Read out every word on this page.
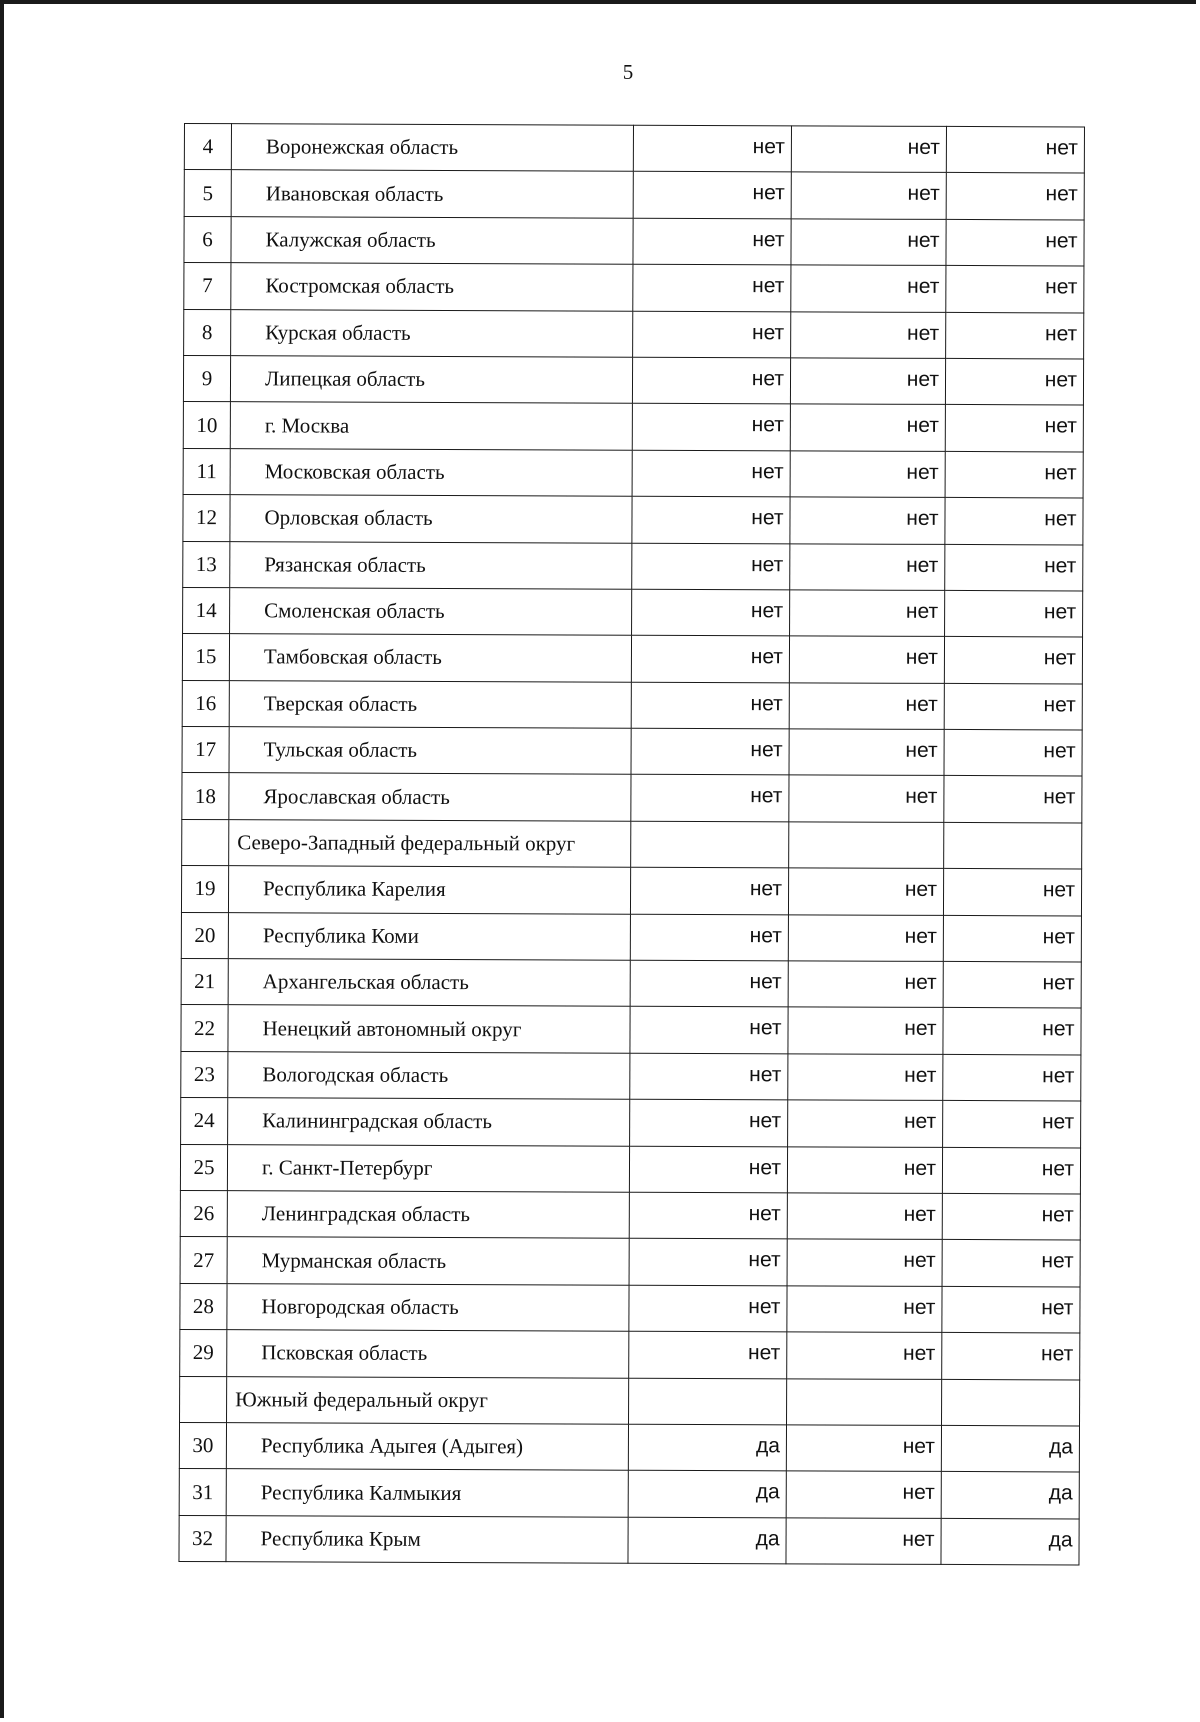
5
4	Воронежская область	нет	нет	нет
5	Ивановская область	нет	нет	нет
6	Калужская область	нет	нет	нет
7	Костромская область	нет	нет	нет
8	Курская область	нет	нет	нет
9	Липецкая область	нет	нет	нет
10	г. Москва	нет	нет	нет
11	Московская область	нет	нет	нет
12	Орловская область	нет	нет	нет
13	Рязанская область	нет	нет	нет
14	Смоленская область	нет	нет	нет
15	Тамбовская область	нет	нет	нет
16	Тверская область	нет	нет	нет
17	Тульская область	нет	нет	нет
18	Ярославская область	нет	нет	нет
	Северо-Западный федеральный округ			
19	Республика Карелия	нет	нет	нет
20	Республика Коми	нет	нет	нет
21	Архангельская область	нет	нет	нет
22	Ненецкий автономный округ	нет	нет	нет
23	Вологодская область	нет	нет	нет
24	Калининградская область	нет	нет	нет
25	г. Санкт-Петербург	нет	нет	нет
26	Ленинградская область	нет	нет	нет
27	Мурманская область	нет	нет	нет
28	Новгородская область	нет	нет	нет
29	Псковская область	нет	нет	нет
	Южный федеральный округ			
30	Республика Адыгея (Адыгея)	да	нет	да
31	Республика Калмыкия	да	нет	да
32	Республика Крым	да	нет	да
